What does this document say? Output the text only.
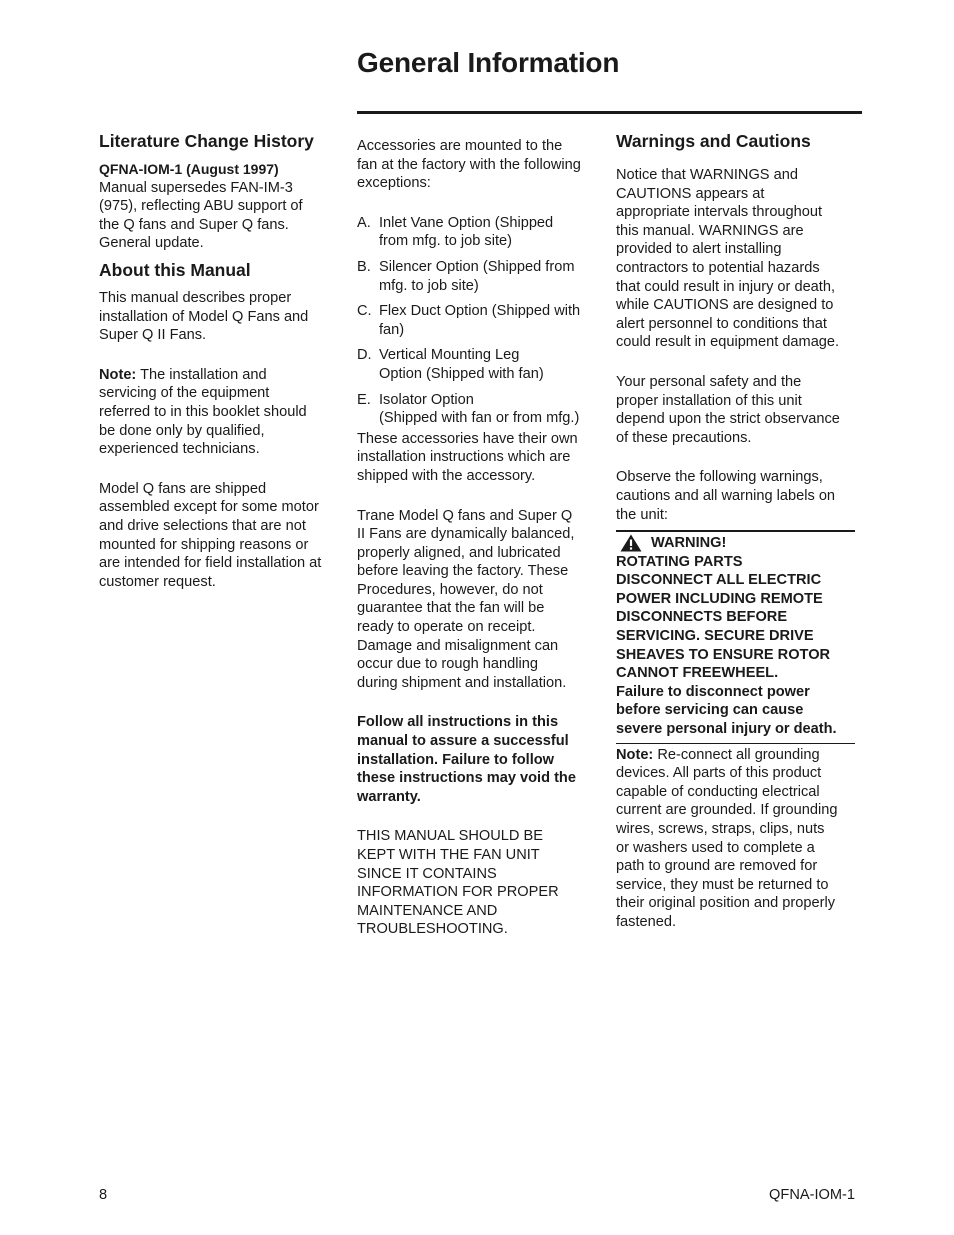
General Information
Literature Change History

QFNA-IOM-1 (August 1997)

Manual supersedes FAN-IM-3
(975), reflecting ABU support of
the Q fans and Super Q fans.
General update.

About this Manual

This manual describes proper
installation of Model Q Fans and
Super Q II Fans.

Note: The installation and
servicing of the equipment
referred to in this booklet should
be done only by qualified,
experienced technicians.

Model Q fans are shipped
assembled except for some motor
and drive selections that are not
mounted for shipping reasons or
are intended for field installation at
customer request.

Accessories are mounted to the
fan at the factory with the following
exceptions:

A. Inlet Vane Option (Shipped
from mfg. to job site)
B. Silencer Option (Shipped from
mfg. to job site)
C. Flex Duct Option (Shipped with
fan)
D. Vertical Mounting Leg
Option (Shipped with fan)
E. Isolator Option
(Shipped with fan or from mfg.)

These accessories have their own
installation instructions which are
shipped with the accessory.

Trane Model Q fans and Super Q
II Fans are dynamically balanced,
properly aligned, and lubricated
before leaving the factory. These
Procedures, however, do not
guarantee that the fan will be
ready to operate on receipt.
Damage and misalignment can
occur due to rough handling
during shipment and installation.

Follow all instructions in this
manual to assure a successful
installation. Failure to follow
these instructions may void the
warranty.

THIS MANUAL SHOULD BE
KEPT WITH THE FAN UNIT
SINCE IT CONTAINS
INFORMATION FOR PROPER
MAINTENANCE AND
TROUBLESHOOTING.

Warnings and Cautions

Notice that WARNINGS and
CAUTIONS appears at
appropriate intervals throughout
this manual. WARNINGS are
provided to alert installing
contractors to potential hazards
that could result in injury or death,
while CAUTIONS are designed to
alert personnel to conditions that
could result in equipment damage.

Your personal safety and the
proper installation of this unit
depend upon the strict observance
of these precautions.

Observe the following warnings,
cautions and all warning labels on
the unit:

WARNING!

ROTATING PARTS
DISCONNECT ALL ELECTRIC
POWER INCLUDING REMOTE
DISCONNECTS BEFORE
SERVICING. SECURE DRIVE
SHEAVES TO ENSURE ROTOR
CANNOT FREEWHEEL.
Failure to disconnect power
before servicing can cause
severe personal injury or death.

Note: Re-connect all grounding
devices. All parts of this product
capable of conducting electrical
current are grounded. If grounding
wires, screws, straps, clips, nuts
or washers used to complete a
path to ground are removed for
service, they must be returned to
their original position and properly
fastened.

8	QFNA-IOM-1
